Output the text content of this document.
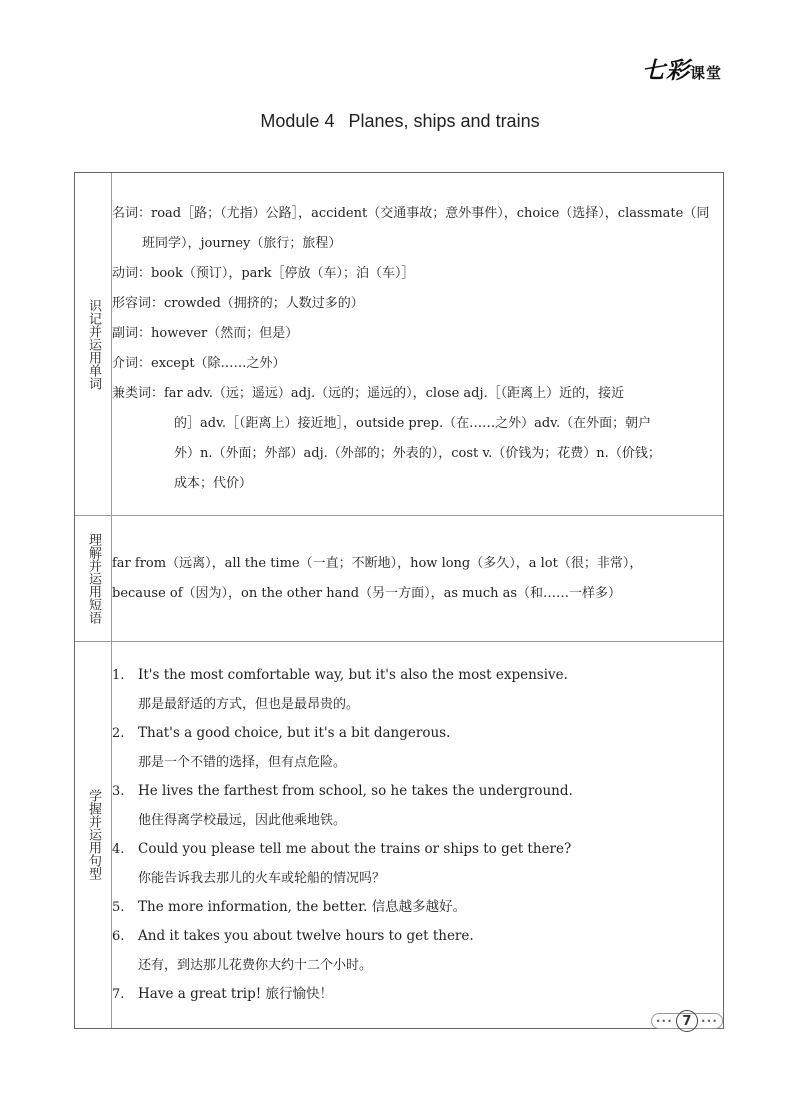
七彩课堂
Module 4 Planes, ships and trains
识记并运用单词
名词：road［路；（尤指）公路］，accident（交通事故；意外事件），choice（选择），classmate（同
班同学），journey（旅行；旅程）
动词：book（预订），park［停放（车）；泊（车）］
形容词：crowded（拥挤的；人数过多的）
副词：however（然而；但是）
介词：except（除……之外）
兼类词：far adv.（远；遥远）adj.（远的；遥远的），close adj.［（距离上）近的，接近
的］adv.［（距离上）接近地］，outside prep.（在……之外）adv.（在外面；朝户
外）n.（外面；外部）adj.（外部的；外表的），cost v.（价钱为；花费）n.（价钱；
成本；代价）
理解并运用短语 far from（远离），all the time（一直；不断地），how long（多久），a lot（很；非常），
because of（因为），on the other hand（另一方面），as much as（和……一样多）
学握并运用句型
1. It's the most comfortable way, but it's also the most expensive.
那是最舒适的方式，但也是最昂贵的。
2. That's a good choice, but it's a bit dangerous.
那是一个不错的选择，但有点危险。
3. He lives the farthest from school, so he takes the underground.
他住得离学校最远，因此他乘地铁。
4. Could you please tell me about the trains or ships to get there?
你能告诉我去那儿的火车或轮船的情况吗？
5. The more information, the better. 信息越多越好。
6. And it takes you about twelve hours to get there.
还有，到达那儿花费你大约十二个小时。
7. Have a great trip! 旅行愉快！
••• 7	•••
